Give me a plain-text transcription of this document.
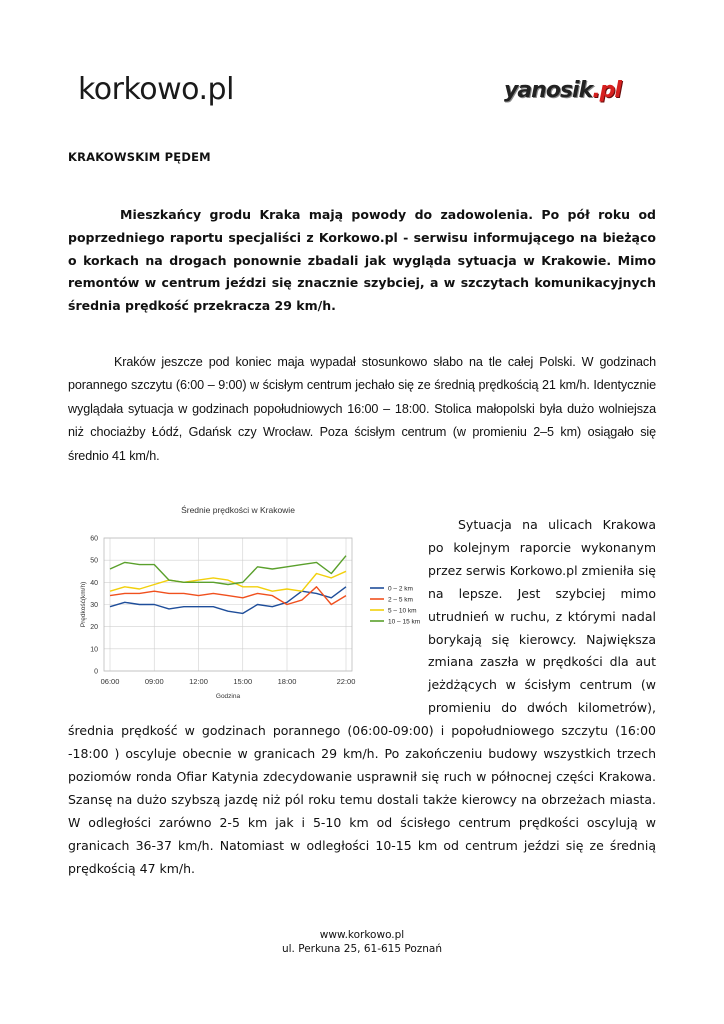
korkowo.pl	yanosik.pl
KRAKOWSKIM PĘDEM

Mieszkańcy grodu Kraka mają powody do zadowolenia. Po pół roku od poprzedniego raportu specjaliści z Korkowo.pl - serwisu informującego na bieżąco o korkach na drogach ponownie zbadali jak wygląda sytuacja w Krakowie. Mimo remontów w centrum jeździ się znacznie szybciej, a w szczytach komunikacyjnych średnia prędkość przekracza 29 km/h.

Kraków jeszcze pod koniec maja wypadał stosunkowo słabo na tle całej Polski. W godzinach porannego szczytu (6:00 – 9:00) w ścisłym centrum jechało się ze średnią prędkością 21 km/h. Identycznie wyglądała sytuacja w godzinach popołudniowych 16:00 – 18:00. Stolica małopolski była dużo wolniejsza niż chociażby Łódź, Gdańsk czy Wrocław. Poza ścisłym centrum (w promieniu 2–5 km) osiągało się średnio 41 km/h.

Sytuacja na ulicach Krakowa po kolejnym raporcie wykonanym przez serwis Korkowo.pl zmieniła się na lepsze. Jest szybciej mimo utrudnień w ruchu, z którymi nadal borykają się kierowcy. Największa zmiana zaszła w prędkości dla aut jeżdżących w ścisłym centrum (w promieniu do dwóch kilometrów), średnia prędkość w godzinach porannego (06:00-09:00) i popołudniowego szczytu (16:00 -18:00 ) oscyluje obecnie w granicach 29 km/h. Po zakończeniu budowy wszystkich trzech poziomów ronda Ofiar Katynia zdecydowanie usprawnił się ruch w północnej części Krakowa. Szansę na dużo szybszą jazdę niż pól roku temu dostali także kierowcy na obrzeżach miasta. W odległości zarówno 2-5 km jak i 5-10 km od ścisłego centrum prędkości oscylują w granicach 36-37 km/h. Natomiast w odległości 10-15 km od centrum jeździ się ze średnią prędkością 47 km/h.

Średnie prędkości w Krakowie
0
10
20
30
40
50
60
06:00	09:00	12:00	15:00	18:00	22:00
Godzina
Prędkość(km/h)	0 – 2 km
2 – 5 km
5 – 10 km
10 – 15 km
www.korkowo.pl
ul. Perkuna 25, 61-615 Poznań
